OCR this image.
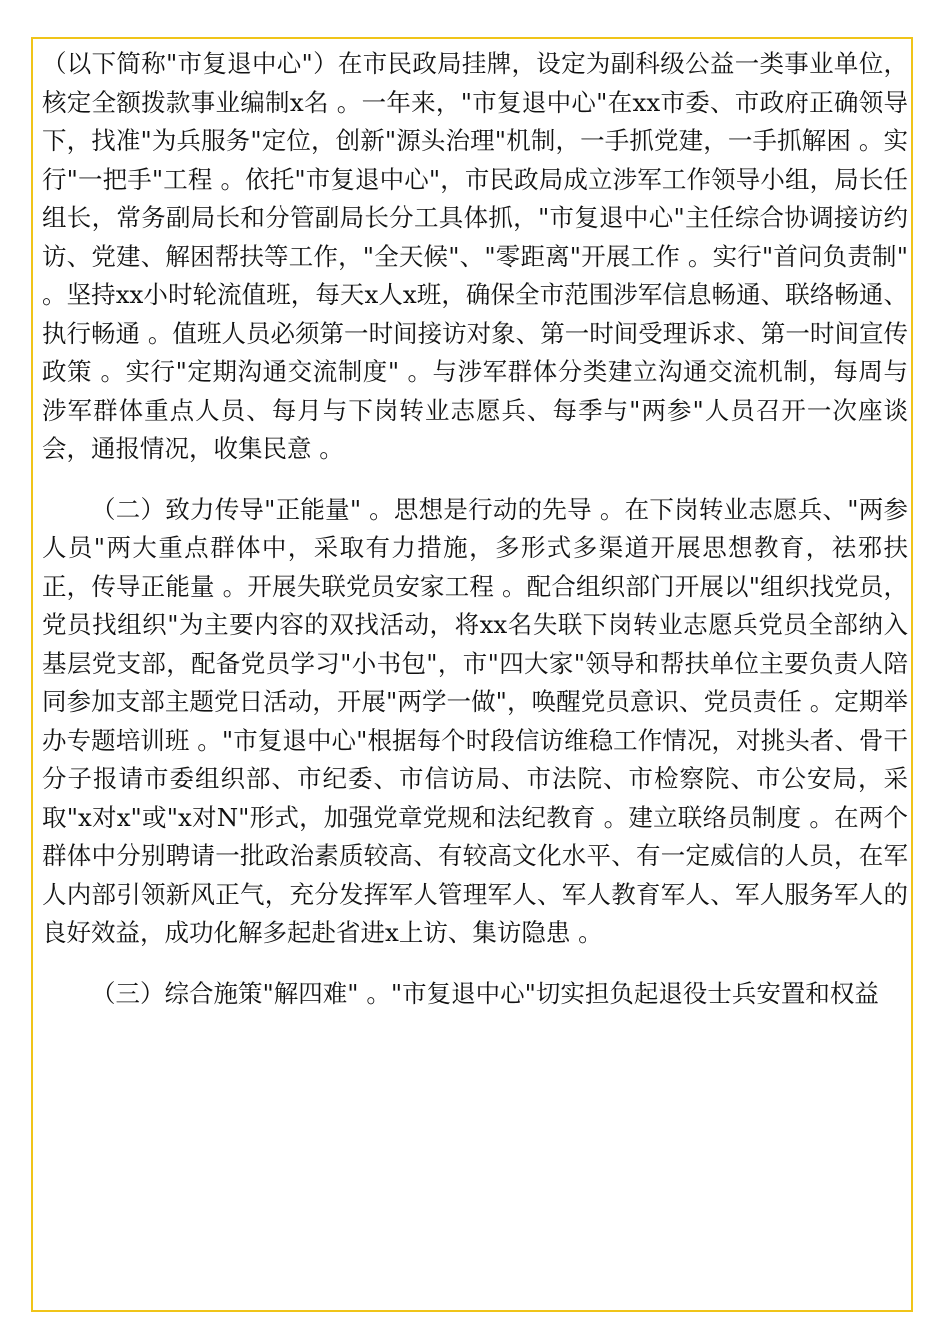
（以下简称"市复退中心"）在市民政局挂牌，设定为副科级公益一类事业单位，核定全额拨款事业编制x名 。一年来，"市复退中心"在xx市委、市政府正确领导下，找准"为兵服务"定位，创新"源头治理"机制，一手抓党建，一手抓解困 。实行"一把手"工程 。依托"市复退中心"，市民政局成立涉军工作领导小组，局长任组长，常务副局长和分管副局长分工具体抓，"市复退中心"主任综合协调接访约访、党建、解困帮扶等工作，"全天候"、"零距离"开展工作 。实行"首问负责制" 。坚持xx小时轮流值班，每天x人x班，确保全市范围涉军信息畅通、联络畅通、执行畅通 。值班人员必须第一时间接访对象、第一时间受理诉求、第一时间宣传政策 。实行"定期沟通交流制度" 。与涉军群体分类建立沟通交流机制，每周与涉军群体重点人员、每月与下岗转业志愿兵、每季与"两参"人员召开一次座谈会，通报情况，收集民意 。

（二）致力传导"正能量" 。思想是行动的先导 。在下岗转业志愿兵、"两参人员"两大重点群体中，采取有力措施，多形式多渠道开展思想教育，祛邪扶正，传导正能量 。开展失联党员安家工程 。配合组织部门开展以"组织找党员，党员找组织"为主要内容的双找活动，将xx名失联下岗转业志愿兵党员全部纳入基层党支部，配备党员学习"小书包"，市"四大家"领导和帮扶单位主要负责人陪同参加支部主题党日活动，开展"两学一做"，唤醒党员意识、党员责任 。定期举办专题培训班 。"市复退中心"根据每个时段信访维稳工作情况，对挑头者、骨干分子报请市委组织部、市纪委、市信访局、市法院、市检察院、市公安局，采取"x对x"或"x对N"形式，加强党章党规和法纪教育 。建立联络员制度 。在两个群体中分别聘请一批政治素质较高、有较高文化水平、有一定威信的人员，在军人内部引领新风正气，充分发挥军人管理军人、军人教育军人、军人服务军人的良好效益，成功化解多起赴省进x上访、集访隐患 。

（三）综合施策"解四难" 。"市复退中心"切实担负起退役士兵安置和权益
